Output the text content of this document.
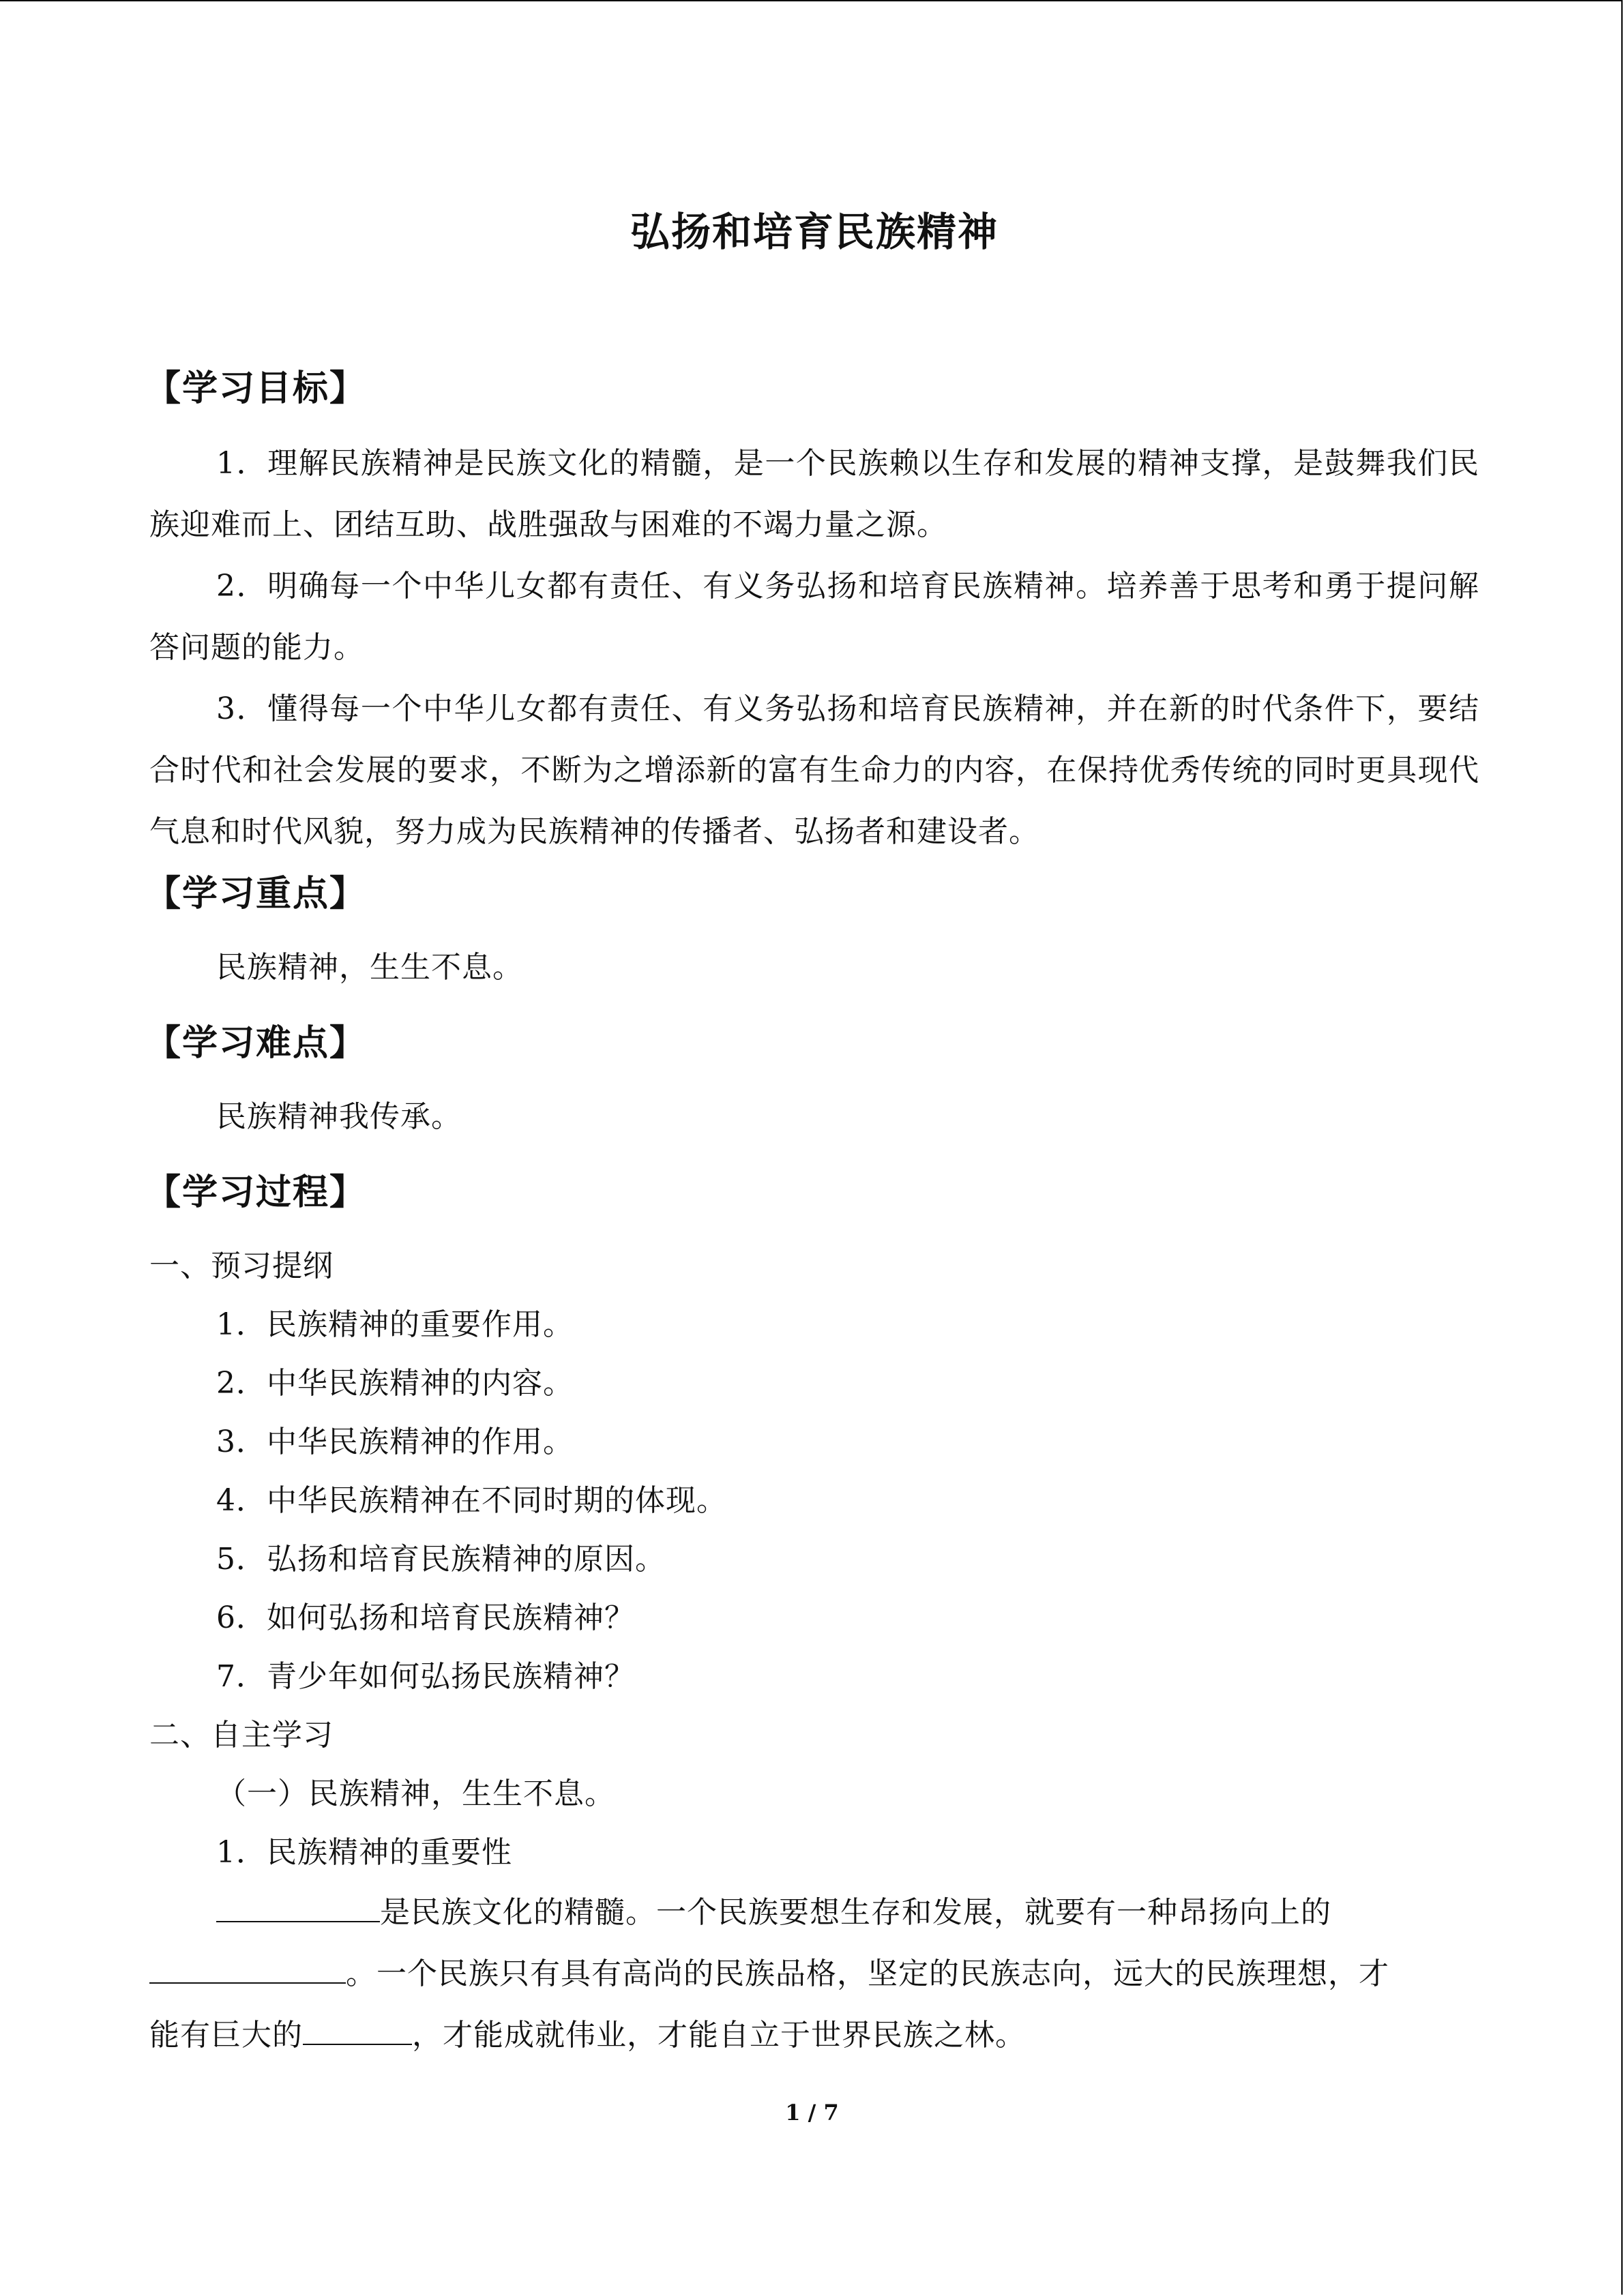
弘扬和培育民族精神
【学习目标】

1．理解民族精神是民族文化的精髓，是一个民族赖以生存和发展的精神支撑，是鼓舞我们民族迎难而上、团结互助、战胜强敌与困难的不竭力量之源。

2．明确每一个中华儿女都有责任、有义务弘扬和培育民族精神。培养善于思考和勇于提问解答问题的能力。

3．懂得每一个中华儿女都有责任、有义务弘扬和培育民族精神，并在新的时代条件下，要结合时代和社会发展的要求，不断为之增添新的富有生命力的内容，在保持优秀传统的同时更具现代气息和时代风貌，努力成为民族精神的传播者、弘扬者和建设者。

【学习重点】

民族精神，生生不息。

【学习难点】

民族精神我传承。

【学习过程】

一、预习提纲

1．民族精神的重要作用。

2．中华民族精神的内容。

3．中华民族精神的作用。

4．中华民族精神在不同时期的体现。

5．弘扬和培育民族精神的原因。

6．如何弘扬和培育民族精神？

7．青少年如何弘扬民族精神？

二、自主学习

（一）民族精神，生生不息。

1．民族精神的重要性

是民族文化的精髓。一个民族要想生存和发展，就要有一种昂扬向上的

。一个民族只有具有高尚的民族品格，坚定的民族志向，远大的民族理想，才

能有巨大的	，才能成就伟业，才能自立于世界民族之林。

1 / 7
